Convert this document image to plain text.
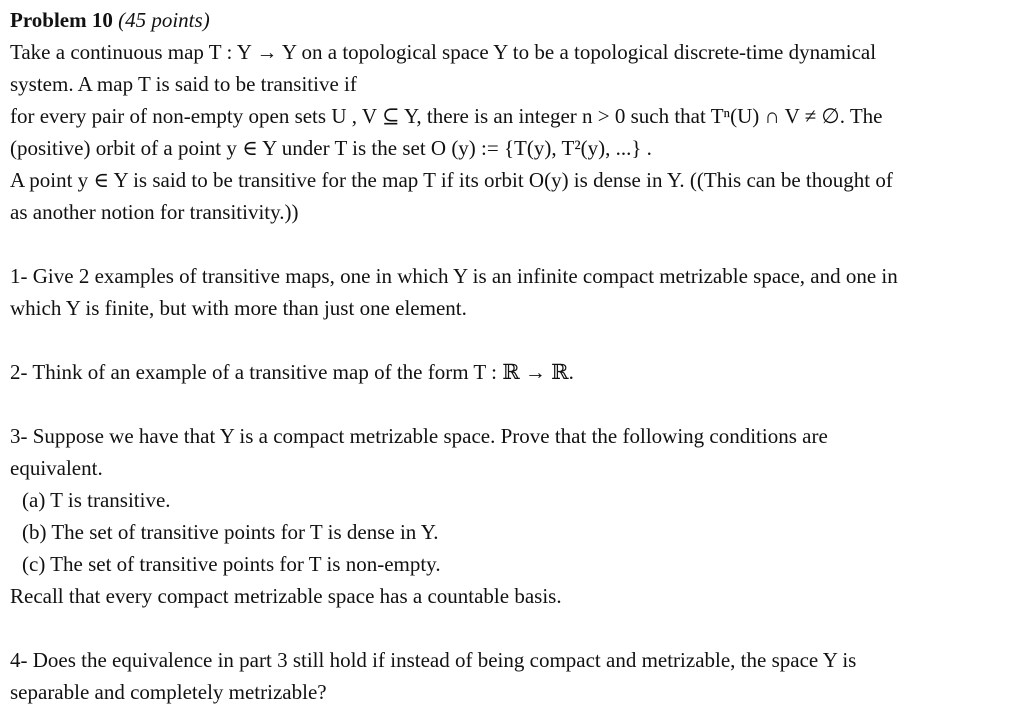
Problem 10 (45 points)
Take a continuous map T : Y → Y on a topological space Y to be a topological discrete-time dynamical
system. A map T is said to be transitive if
for every pair of non-empty open sets U , V ⊆ Y, there is an integer n > 0 such that Tⁿ(U) ∩ V ≠ ∅. The
(positive) orbit of a point y ∈ Y under T is the set O (y) := {T(y), T²(y), ...} .
A point y ∈ Y is said to be transitive for the map T if its orbit O(y) is dense in Y. ((This can be thought of
as another notion for transitivity.))
1- Give 2 examples of transitive maps, one in which Y is an infinite compact metrizable space, and one in
which Y is finite, but with more than just one element.
2- Think of an example of a transitive map of the form T : ℝ → ℝ.
3- Suppose we have that Y is a compact metrizable space. Prove that the following conditions are
equivalent.
(a) T is transitive.
(b) The set of transitive points for T is dense in Y.
(c) The set of transitive points for T is non-empty.
Recall that every compact metrizable space has a countable basis.
4- Does the equivalence in part 3 still hold if instead of being compact and metrizable, the space Y is
separable and completely metrizable?
